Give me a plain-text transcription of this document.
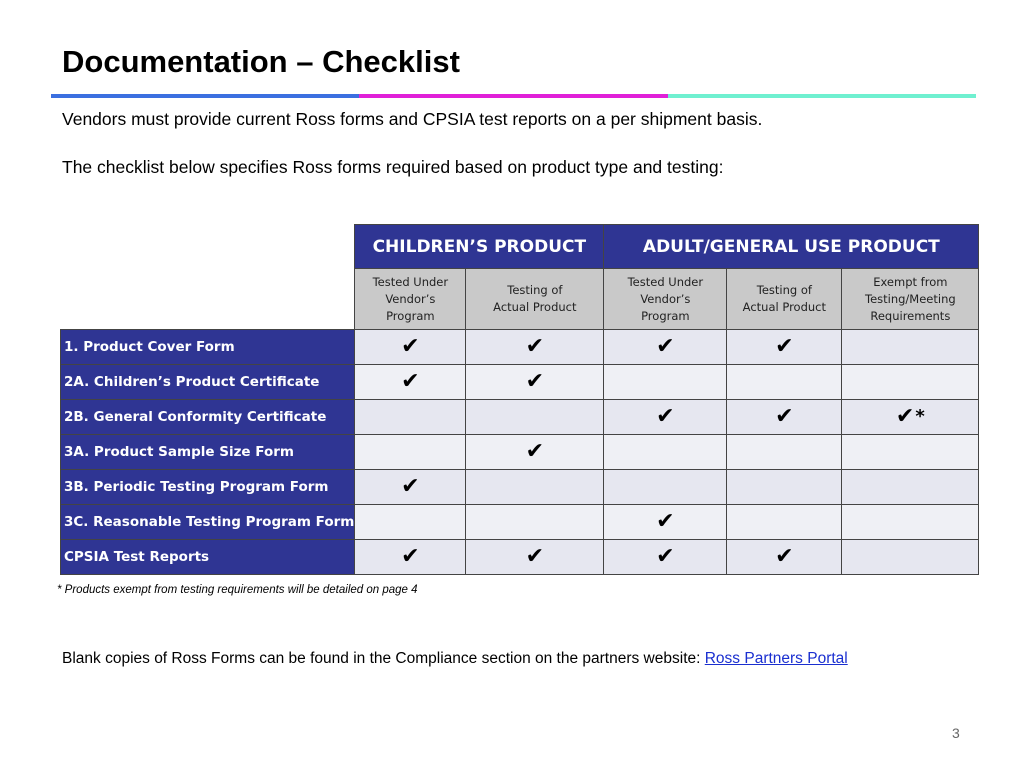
Documentation – Checklist

Vendors must provide current Ross forms and CPSIA test reports on a per shipment basis.

The checklist below specifies Ross forms required based on product type and testing:

	CHILDREN’S PRODUCT		ADULT/GENERAL USE PRODUCT		
	Tested Under
Vendor’s
Program	Testing of
Actual Product	Tested Under
Vendor’s
Program	Testing of
Actual Product	Exempt from
Testing/Meeting
Requirements
1. Product Cover Form	✔	✔	✔	✔	
2A. Children’s Product Certificate	✔	✔			
2B. General Conformity Certificate			✔	✔	✔ *

3A. Product Sample Size Form		✔			
3B. Periodic Testing Program Form	✔				
3C. Reasonable Testing Program Form			✔		
CPSIA Test Reports	✔	✔	✔	✔	

* Products exempt from testing requirements will be detailed on page 4

Blank copies of Ross Forms can be found in the Compliance section on the partners website: Ross Partners Portal

3
